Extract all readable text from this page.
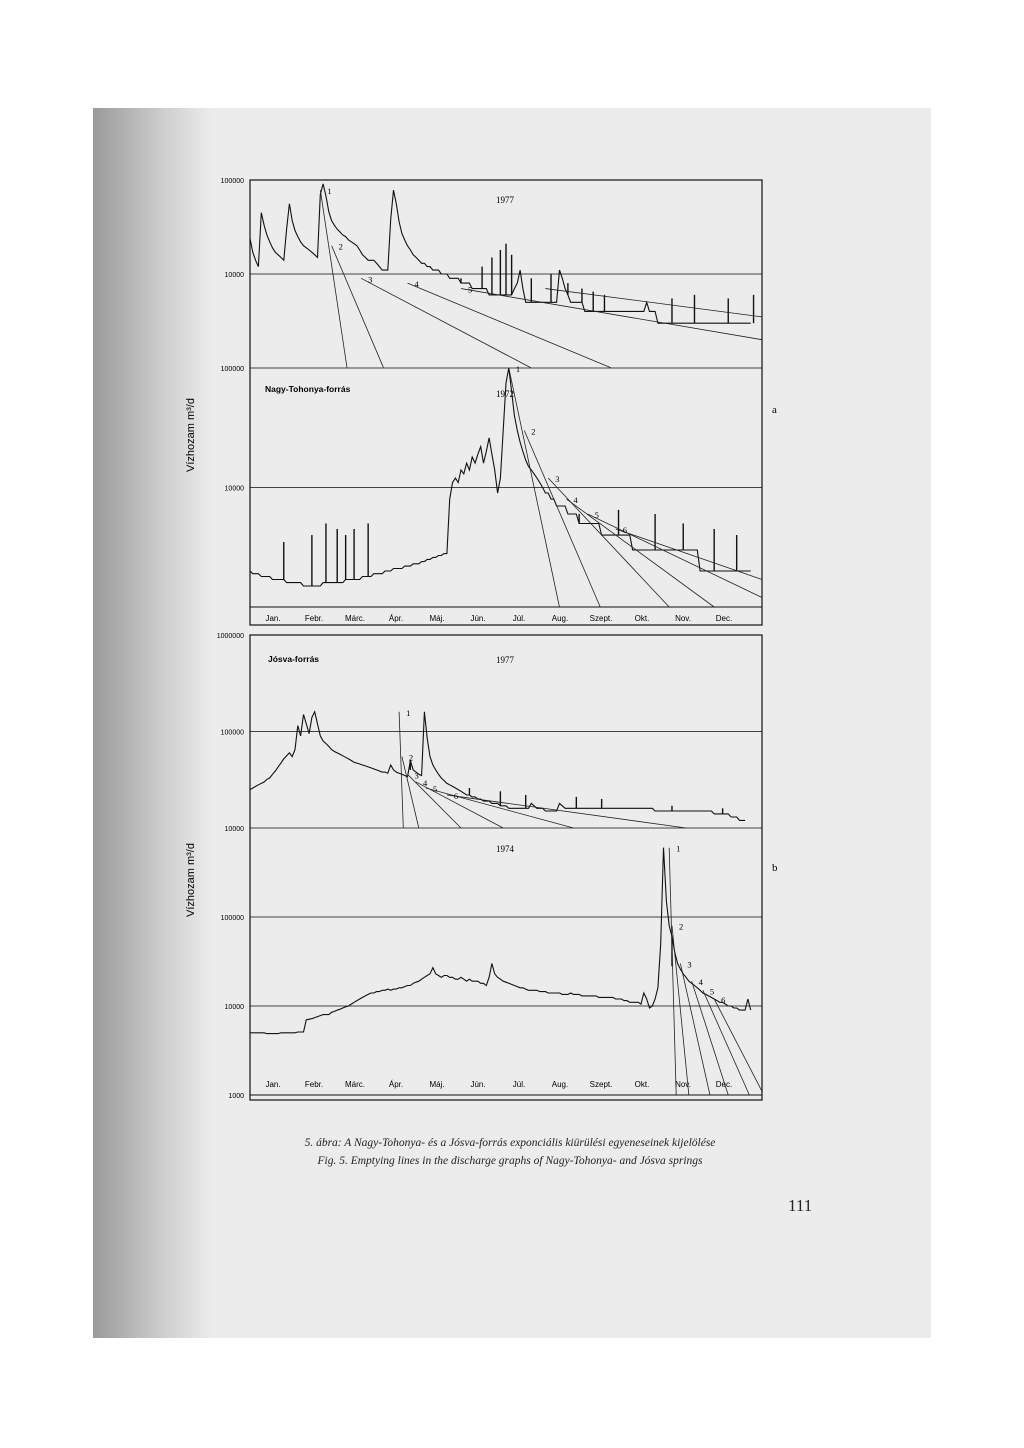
100000
10000
1977
1
2
3	4
5
100000
10000
1972
Nagy-Tohonya-forrás
1
2
3
4
5
6
Jan.	Febr.	Márc.	Ápr.	Máj.	Jún.	Júl.	Aug.	Szept.	Okt.	Nov.	Dec.
1000000
100000
10000
1977
Jósva-forrás
1
2
3
4
5
6
100000
10000
1000
1974	1
2
3
4
5
6
Jan.	Febr.	Márc.	Ápr.	Máj.	Jún.	Júl.	Aug.	Szept.	Okt.	Nov.	Dec.
Vízhozam m³/d
Vízhozam m³/d
a
b
5. ábra: A Nagy-Tohonya- és a Jósva-forrás exponciális kiürülési egyeneseinek kijelölése
Fig. 5. Emptying lines in the discharge graphs of Nagy-Tohonya- and Jósva springs
111
